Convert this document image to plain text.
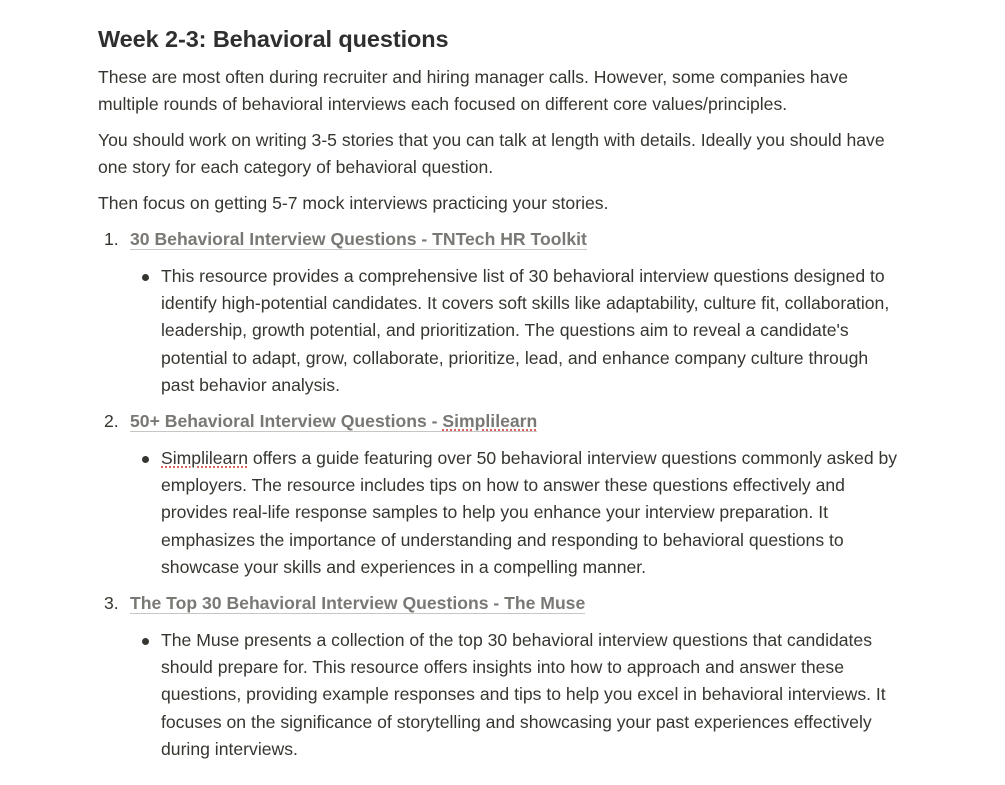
Week 2-3: Behavioral questions

These are most often during recruiter and hiring manager calls. However, some companies have multiple rounds of behavioral interviews each focused on different core values/principles.

You should work on writing 3-5 stories that you can talk at length with details. Ideally you should have one story for each category of behavioral question.

Then focus on getting 5-7 mock interviews practicing your stories.

1. 30 Behavioral Interview Questions - TNTech HR Toolkit
This resource provides a comprehensive list of 30 behavioral interview questions designed to identify high-potential candidates. It covers soft skills like adaptability, culture fit, collaboration, leadership, growth potential, and prioritization. The questions aim to reveal a candidate's potential to adapt, grow, collaborate, prioritize, lead, and enhance company culture through past behavior analysis.
2. 50+ Behavioral Interview Questions - Simplilearn
Simplilearn offers a guide featuring over 50 behavioral interview questions commonly asked by employers. The resource includes tips on how to answer these questions effectively and provides real-life response samples to help you enhance your interview preparation. It emphasizes the importance of understanding and responding to behavioral questions to showcase your skills and experiences in a compelling manner.
3. The Top 30 Behavioral Interview Questions - The Muse
The Muse presents a collection of the top 30 behavioral interview questions that candidates should prepare for. This resource offers insights into how to approach and answer these questions, providing example responses and tips to help you excel in behavioral interviews. It focuses on the significance of storytelling and showcasing your past experiences effectively during interviews.
